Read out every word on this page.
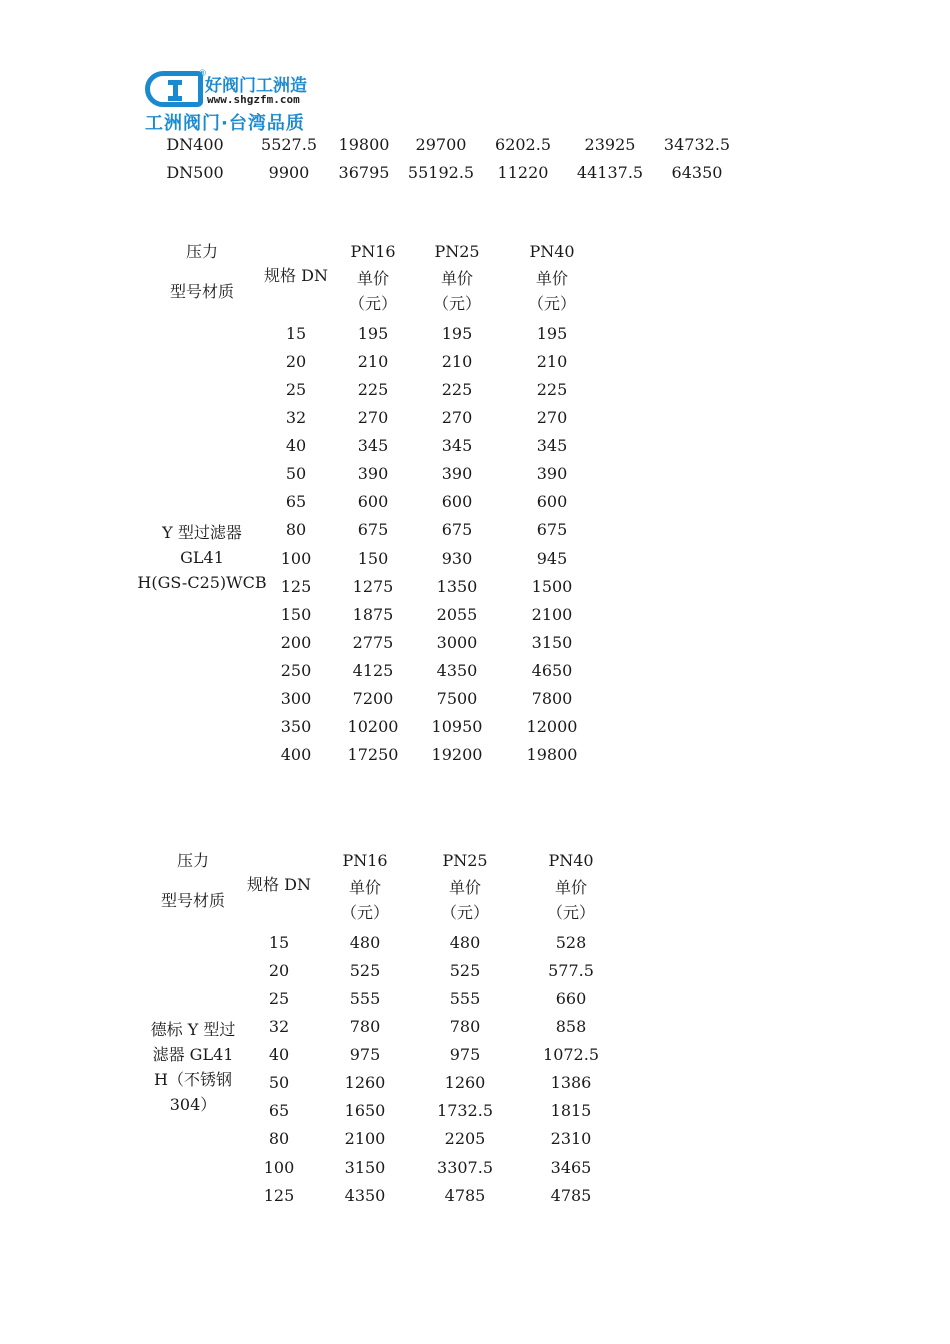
®
好阀门工洲造
www.shgzfm.com
工洲阀门·台湾品质
DN400 5527.5 19800 29700 6202.5 23925 34732.5
DN500	9900 36795 55192.5 11220 44137.5 64350
压力
型号材质
规格 DN
PN16
单价
（元）
PN25
单价
（元）
PN40
单价
（元）
Y 型过滤器
GL41
H(GS-C25)WCB
15	195	195	195
20	210	210	210
25	225	225	225
32	270	270	270
40	345	345	345
50	390	390	390
65	600	600	600
80	675	675	675
100	150	930	945
125	1275	1350	1500
150	1875	2055	2100
200	2775	3000	3150
250	4125	4350	4650
300	7200	7500	7800
350 10200 10950	12000
400 17250 19200	19800
压力
型号材质
规格 DN
PN16
单价
（元）
PN25
单价
（元）
PN40
单价
（元）
德标 Y 型过
滤器 GL41
H（不锈钢
304）
15	480	480	528
20	525	525	577.5
25	555	555	660
32	780	780	858
40	975	975	1072.5
50	1260	1260	1386
65	1650	1732.5	1815
80	2100	2205	2310
100	3150	3307.5	3465
125	4350	4785	4785
